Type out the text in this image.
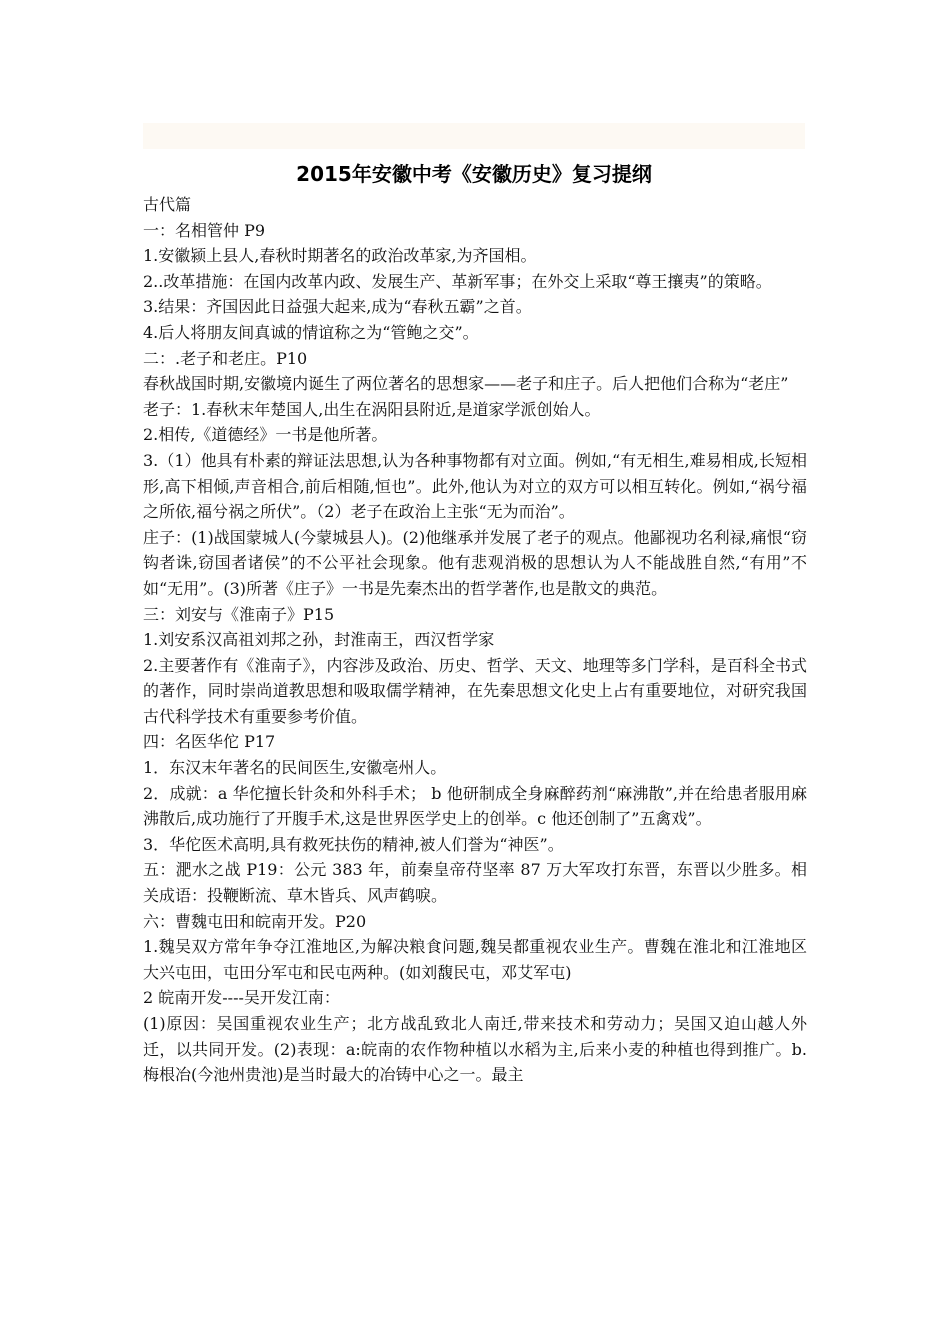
2015年安徽中考《安徽历史》复习提纲

古代篇

一：名相管仲 P9

1.安徽颍上县人,春秋时期著名的政治改革家,为齐国相。

2..改革措施：在国内改革内政、发展生产、革新军事；在外交上采取“尊王攘夷”的策略。

3.结果：齐国因此日益强大起来,成为“春秋五霸”之首。

4.后人将朋友间真诚的情谊称之为“管鲍之交”。

二：.老子和老庄。P10

春秋战国时期,安徽境内诞生了两位著名的思想家——老子和庄子。后人把他们合称为“老庄”

老子：1.春秋末年楚国人,出生在涡阳县附近,是道家学派创始人。

2.相传,《道德经》一书是他所著。

3.（1）他具有朴素的辩证法思想,认为各种事物都有对立面。例如,“有无相生,难易相成,长短相形,高下相倾,声音相合,前后相随,恒也”。此外,他认为对立的双方可以相互转化。例如,“祸兮福之所依,福兮祸之所伏”。（2）老子在政治上主张“无为而治”。

庄子：(1)战国蒙城人(今蒙城县人)。(2)他继承并发展了老子的观点。他鄙视功名利禄,痛恨“窃钩者诛,窃国者诸侯”的不公平社会现象。他有悲观消极的思想认为人不能战胜自然,“有用”不如“无用”。(3)所著《庄子》一书是先秦杰出的哲学著作,也是散文的典范。

三：刘安与《淮南子》P15

1.刘安系汉高祖刘邦之孙，封淮南王，西汉哲学家

2.主要著作有《淮南子》，内容涉及政治、历史、哲学、天文、地理等多门学科，是百科全书式的著作，同时崇尚道教思想和吸取儒学精神，在先秦思想文化史上占有重要地位，对研究我国古代科学技术有重要参考价值。

四：名医华佗 P17

1．东汉末年著名的民间医生,安徽亳州人。

2．成就：a 华佗擅长针灸和外科手术； b 他研制成全身麻醉药剂“麻沸散”,并在给患者服用麻沸散后,成功施行了开腹手术,这是世界医学史上的创举。c 他还创制了”五禽戏”。

3．华佗医术高明,具有救死扶伤的精神,被人们誉为“神医”。

五：淝水之战 P19：公元 383 年，前秦皇帝苻坚率 87 万大军攻打东晋，东晋以少胜多。相关成语：投鞭断流、草木皆兵、风声鹤唳。

六：曹魏屯田和皖南开发。P20

1.魏吴双方常年争夺江淮地区,为解决粮食问题,魏吴都重视农业生产。曹魏在淮北和江淮地区大兴屯田，屯田分军屯和民屯两种。(如刘馥民屯，邓艾军屯)

2 皖南开发----吴开发江南：

(1)原因：吴国重视农业生产；北方战乱致北人南迁,带来技术和劳动力；吴国又迫山越人外迁，以共同开发。(2)表现：a:皖南的农作物种植以水稻为主,后来小麦的种植也得到推广。b.梅根冶(今池州贵池)是当时最大的冶铸中心之一。最主
